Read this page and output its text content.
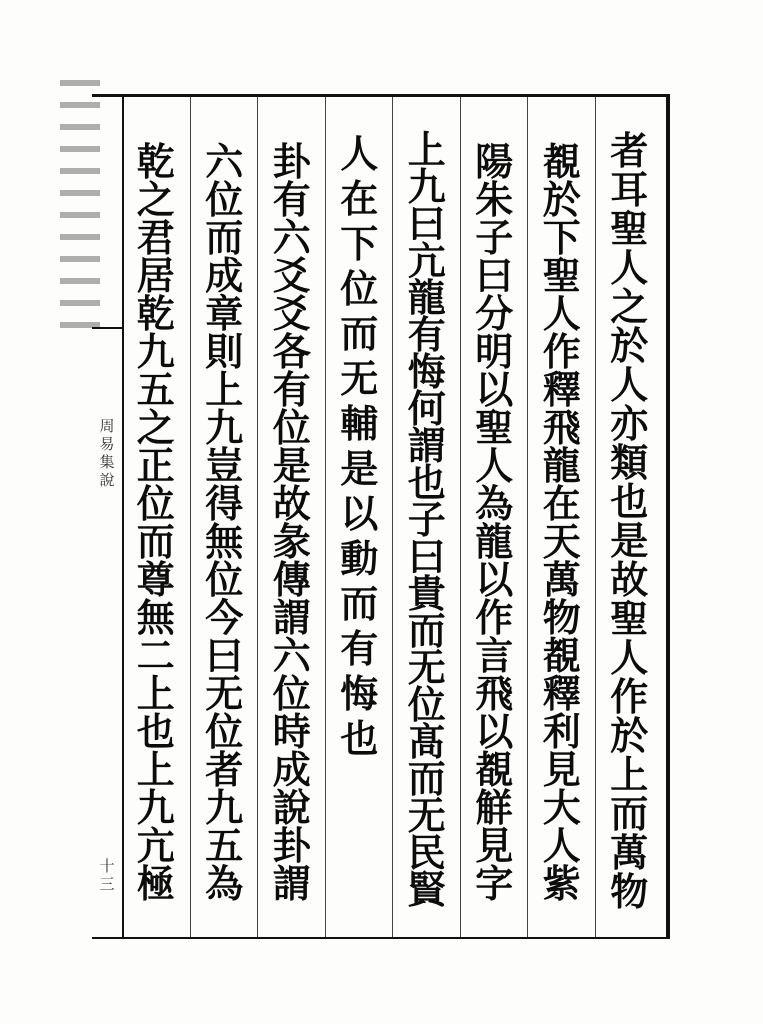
周
易
集
說
十
三
者
耳
聖
人
之
於
人
亦
類
也
是
故
聖
人
作
於
上
而
萬
物
覩
於
下
聖
人
作
釋
飛
龍
在
天
萬
物
覩
釋
利
見
大
人
紫
陽
朱
子
曰
分
明
以
聖
人
為
龍
以
作
言
飛
以
覩
觧
見
字
上
九
曰
亢
龍
有
悔
何
謂
也
子
曰
貴
而
无
位
髙
而
无
民
賢
人
在
下
位
而
无
輔
是
以
動
而
有
悔
也
卦
有
六
爻
爻
各
有
位
是
故
彖
傳
謂
六
位
時
成
說
卦
謂
六
位
而
成
章
則
上
九
豈
得
無
位
今
曰
无
位
者
九
五
為
乾
之
君
居
乾
九
五
之
正
位
而
尊
無
二
上
也
上
九
亢
極
